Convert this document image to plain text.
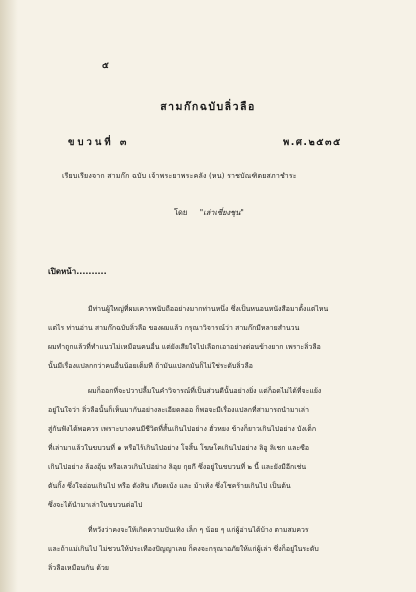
๕
สามก๊กฉบับลิ่วลือ
ขบวนที่ ๓	พ.ศ.๒๕๓๕
เรียบเรียงจาก สามก๊ก ฉบับ เจ้าพระยาพระคลัง (หน) ราชบัณฑิตยสภาชำระ
โดย "เล่าเซี่ยงชุน"
เปิดหน้า..........
มีท่านผู้ใหญ่ที่ผมเคารพนับถืออย่างมากท่านหนึ่ง ซึ่งเป็นหนอนหนังสือมาตั้งแต่ไหน
แต่ไร ท่านอ่าน สามก๊กฉบับลิ่วลือ ของผมแล้ว กรุณาวิจารณ์ว่า สามก๊กมีหลายสำนวน
ผมทำถูกแล้วที่ทำแนวไม่เหมือนคนอื่น แต่ยังเสียใจไปเลือกเอาอย่างต่อนข้างยาก เพราะลิ่วลือ
นั้นมีเรื่องแปลกกว่าคนอื่นน้อยเต็มที ถ้ามันแปลกมันก็ไม่ใช่ระดับลิ่วลือ
ผมก็ออกที่จะปวาปลื้มในคำวิจารณ์ที่เป็นส่วนดีนั้นอย่างยิ่ง แต่ก็อดไม่ได้ที่จะแย้ง
อยู่ในใจว่า ลิ่วลือนั้นก็เห็นมากันอย่างละเอียดลออ ก็พอจะมีเรื่องแปลกที่สามารถนำมาเล่า
สู่กันฟังได้พอควร เพราะบางคนมีชีวิตที่สั้นเกินไปอย่าง ฮั่วหยง ข้างก็ยาวเกินไปอย่าง บังเต็ก
ที่เล่ามาแล้วในขบวนที่ ๑ หรือไร้เกินไปอย่าง โจสิ้น โฆษโคเกินไปอย่าง ลิอู ลิเชก และซือ
เกินไปอย่าง ล้องอุ้น หรือเลวเกินไปอย่าง ลิอุย กุยกี ซึ่งอยู่ในขบวนที่ ๒ นี้ และยังมีอีกเช่น
ตันกิ้ง ซึ่งใจอ่อนเกินไป หรือ ตังสิน เกียดเบ้ง และ ม้าเท้ง ซึ่งโชคร้ายเกินไป เป็นต้น
ซึ่งจะได้นำมาเล่าในขบวนต่อไป
ที่หวังว่าคงจะให้เกิดความบันเทิง เล็ก ๆ น้อย ๆ แก่ผู้อ่านได้บ้าง ตามสมควร
และถ้าแม่เกินไป ไม่ชวนให้ประเทืองปัญญาเลย ก็คงจะกรุณาอภัยให้แก่ผู้เล่า ซึ่งก็อยู่ในระดับ
ลิ่วลือเหมือนกัน ด้วย
